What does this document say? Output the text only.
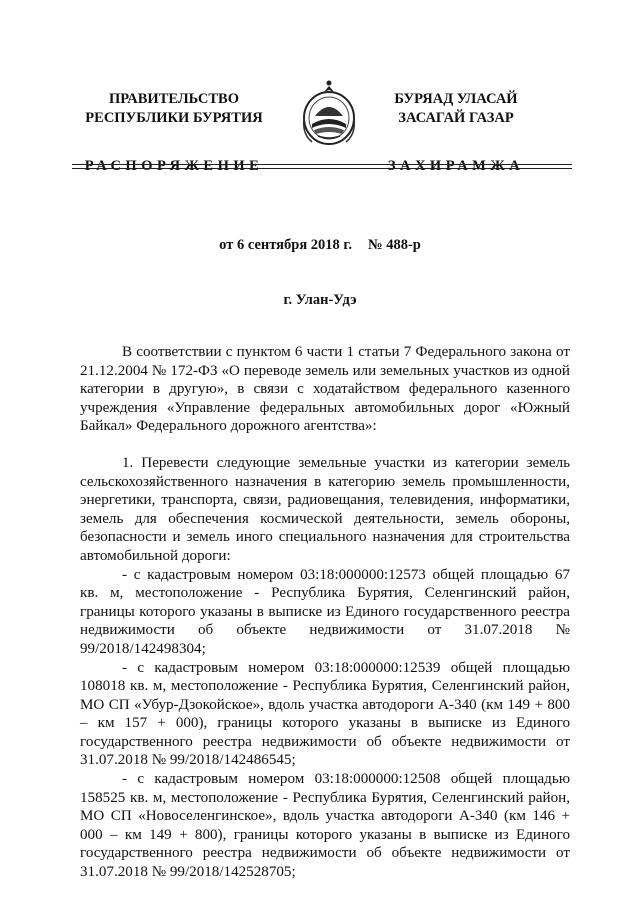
ПРАВИТЕЛЬСТВО
РЕСПУБЛИКИ БУРЯТИЯ
РАСПОРЯЖЕНИЕ
БУРЯАД УЛАСАЙ
ЗАСАГАЙ ГАЗАР
ЗАХИРАМЖА
от 6 сентября 2018 г. № 488-р
г. Улан-Удэ

В соответствии с пунктом 6 части 1 статьи 7 Федерального закона от 21.12.2004 № 172-ФЗ «О переводе земель или земельных участков из одной категории в другую», в связи с ходатайством федерального казенного учреждения «Управление федеральных автомобильных дорог «Южный Байкал» Федерального дорожного агентства»:

1. Перевести следующие земельные участки из категории земель сельскохозяйственного назначения в категорию земель промышленности, энергетики, транспорта, связи, радиовещания, телевидения, информатики, земель для обеспечения космической деятельности, земель обороны, безопасности и земель иного специального назначения для строительства автомобильной дороги:

- с кадастровым номером 03:18:000000:12573 общей площадью 67 кв. м, местоположение - Республика Бурятия, Селенгинский район, границы которого указаны в выписке из Единого государственного реестра недвижимости об объекте недвижимости от 31.07.2018 № 99/2018/142498304;

- с кадастровым номером 03:18:000000:12539 общей площадью 108018 кв. м, местоположение - Республика Бурятия, Селенгинский район, МО СП «Убур-Дзокойское», вдоль участка автодороги А-340 (км 149 + 800 – км 157 + 000), границы которого указаны в выписке из Единого государственного реестра недвижимости об объекте недвижимости от 31.07.2018 № 99/2018/142486545;

- с кадастровым номером 03:18:000000:12508 общей площадью 158525 кв. м, местоположение - Республика Бурятия, Селенгинский район, МО СП «Новоселенгинское», вдоль участка автодороги А-340 (км 146 + 000 – км 149 + 800), границы которого указаны в выписке из Единого государственного реестра недвижимости об объекте недвижимости от 31.07.2018 № 99/2018/142528705;
